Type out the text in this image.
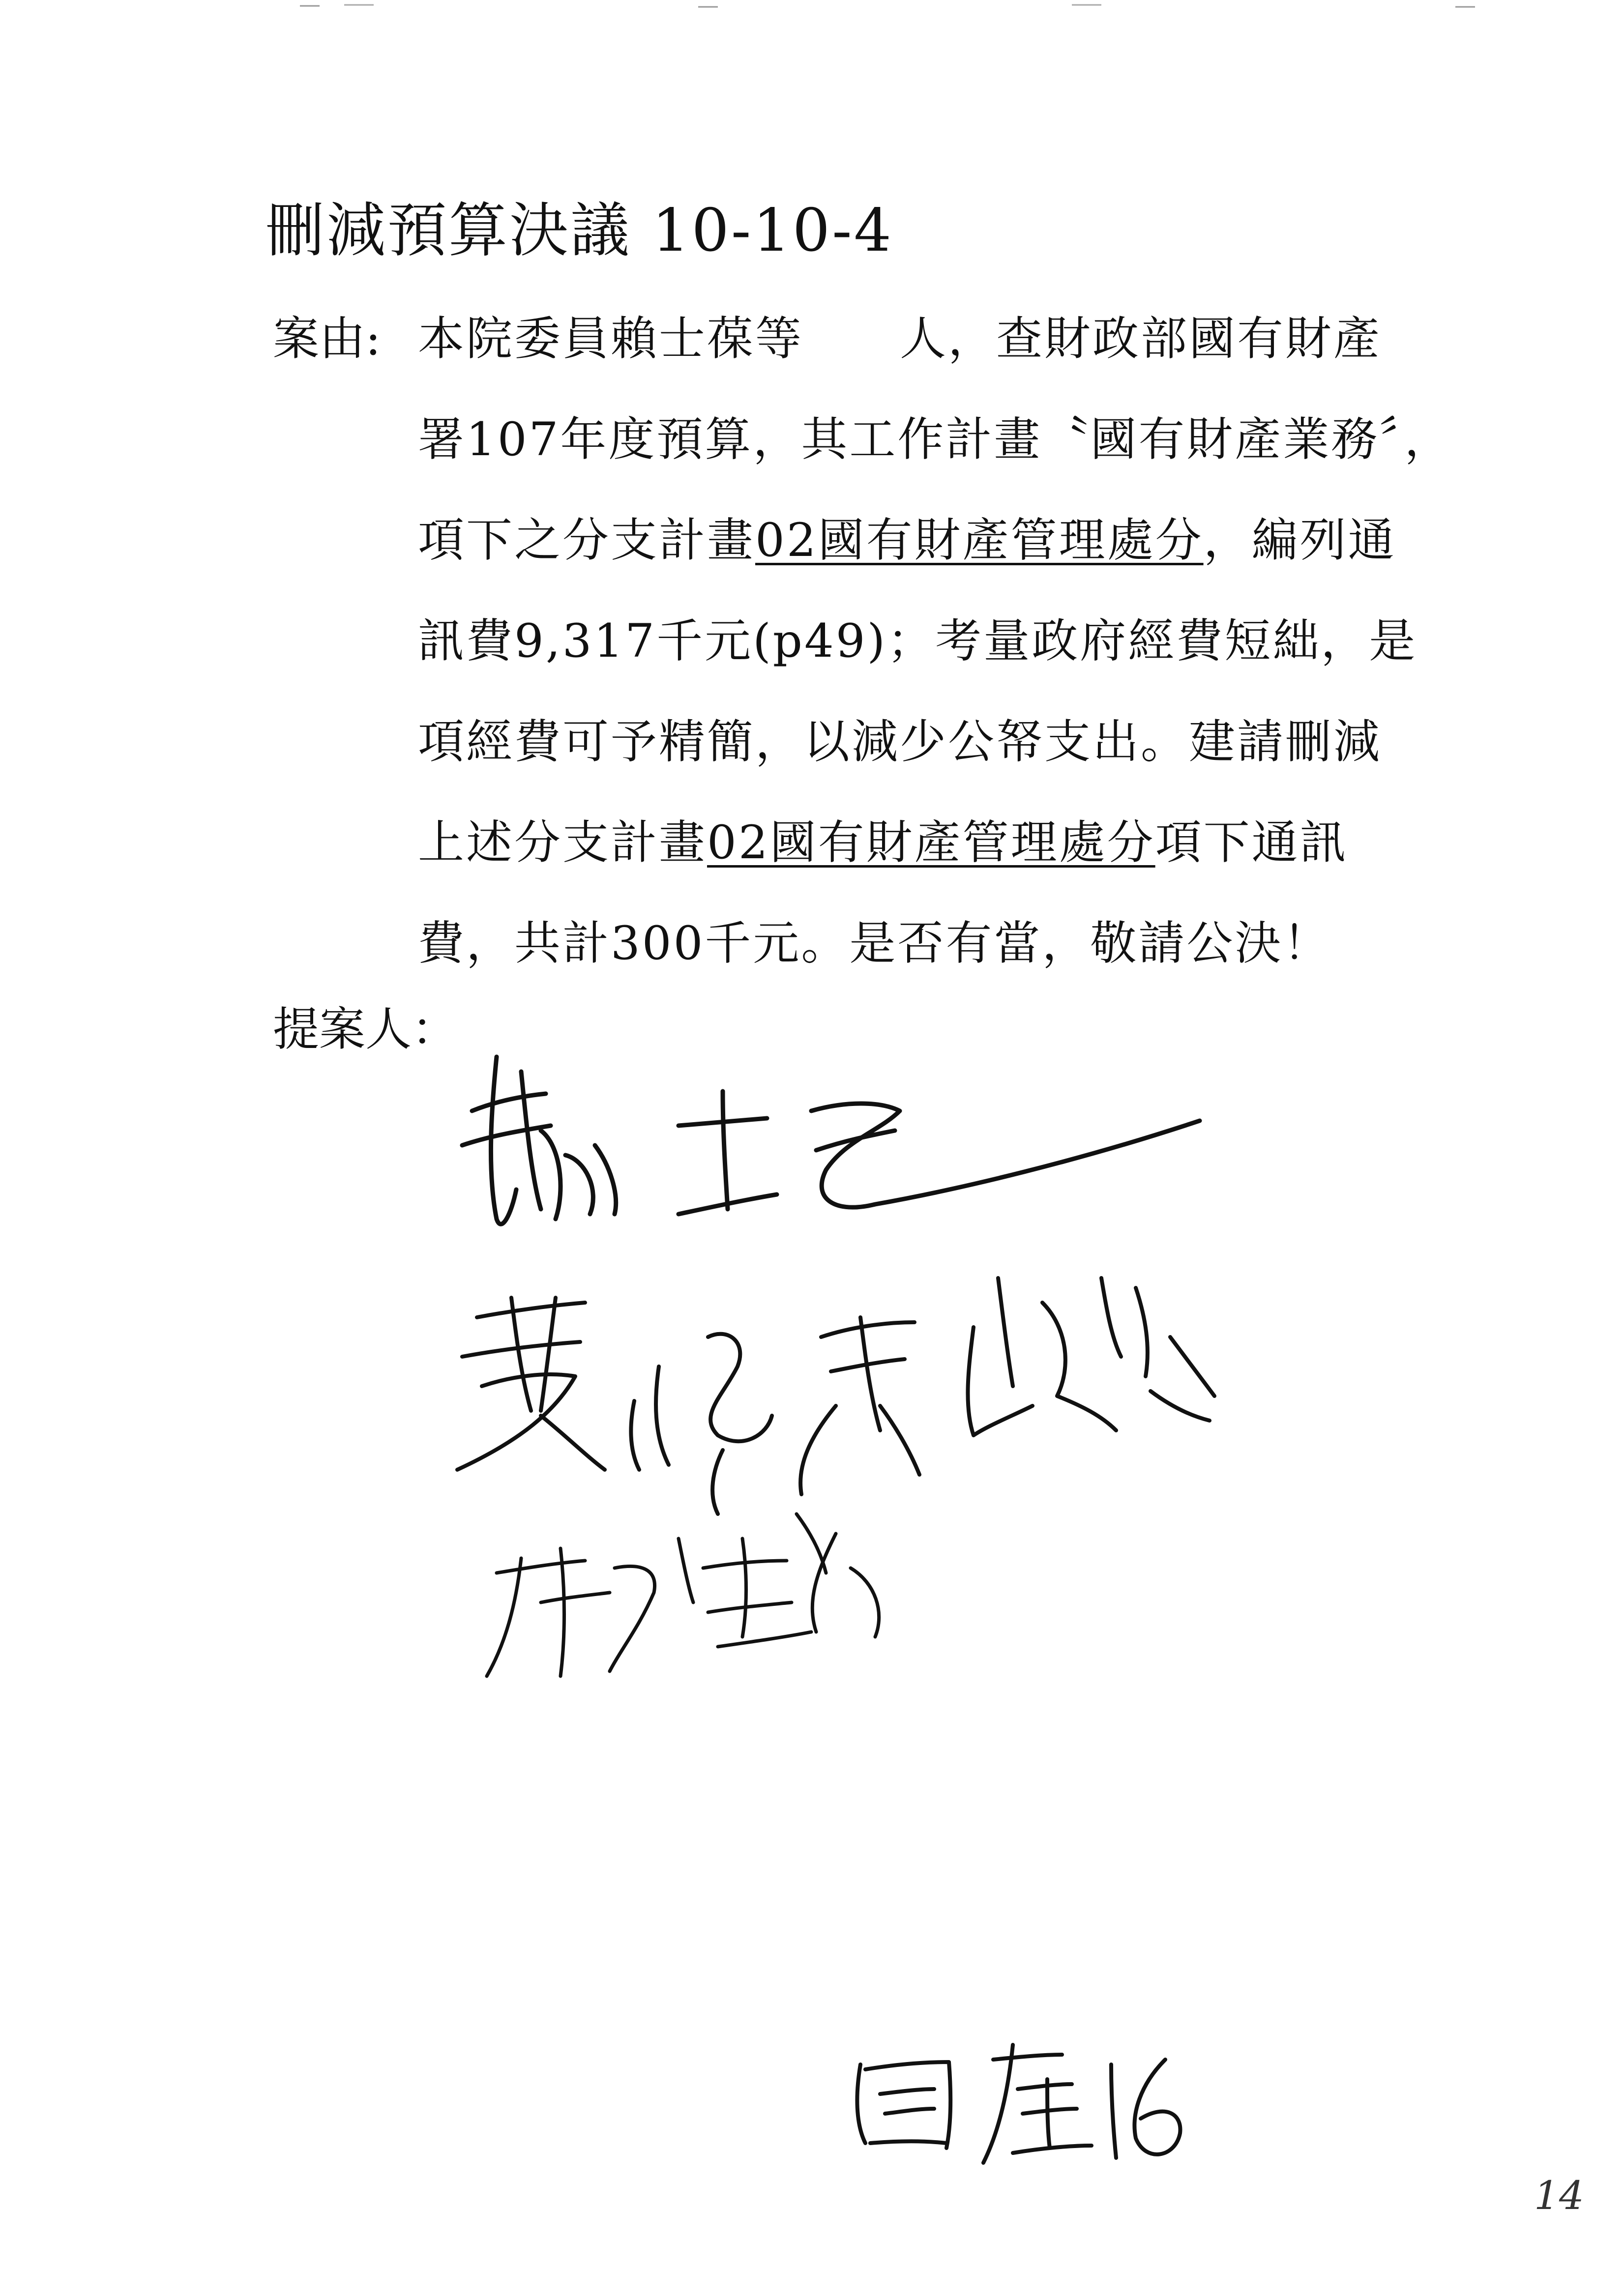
刪減預算決議 10-10-4
案由: 本院委員賴士葆等　　人，查財政部國有財產
署107年度預算，其工作計畫〝國有財產業務〞，
項下之分支計畫02國有財產管理處分，編列通
訊費9,317千元(p49)；考量政府經費短絀，是
項經費可予精簡，以減少公帑支出。建請刪減
上述分支計畫02國有財產管理處分項下通訊
費，共計300千元。是否有當，敬請公決！
提案人：
14
